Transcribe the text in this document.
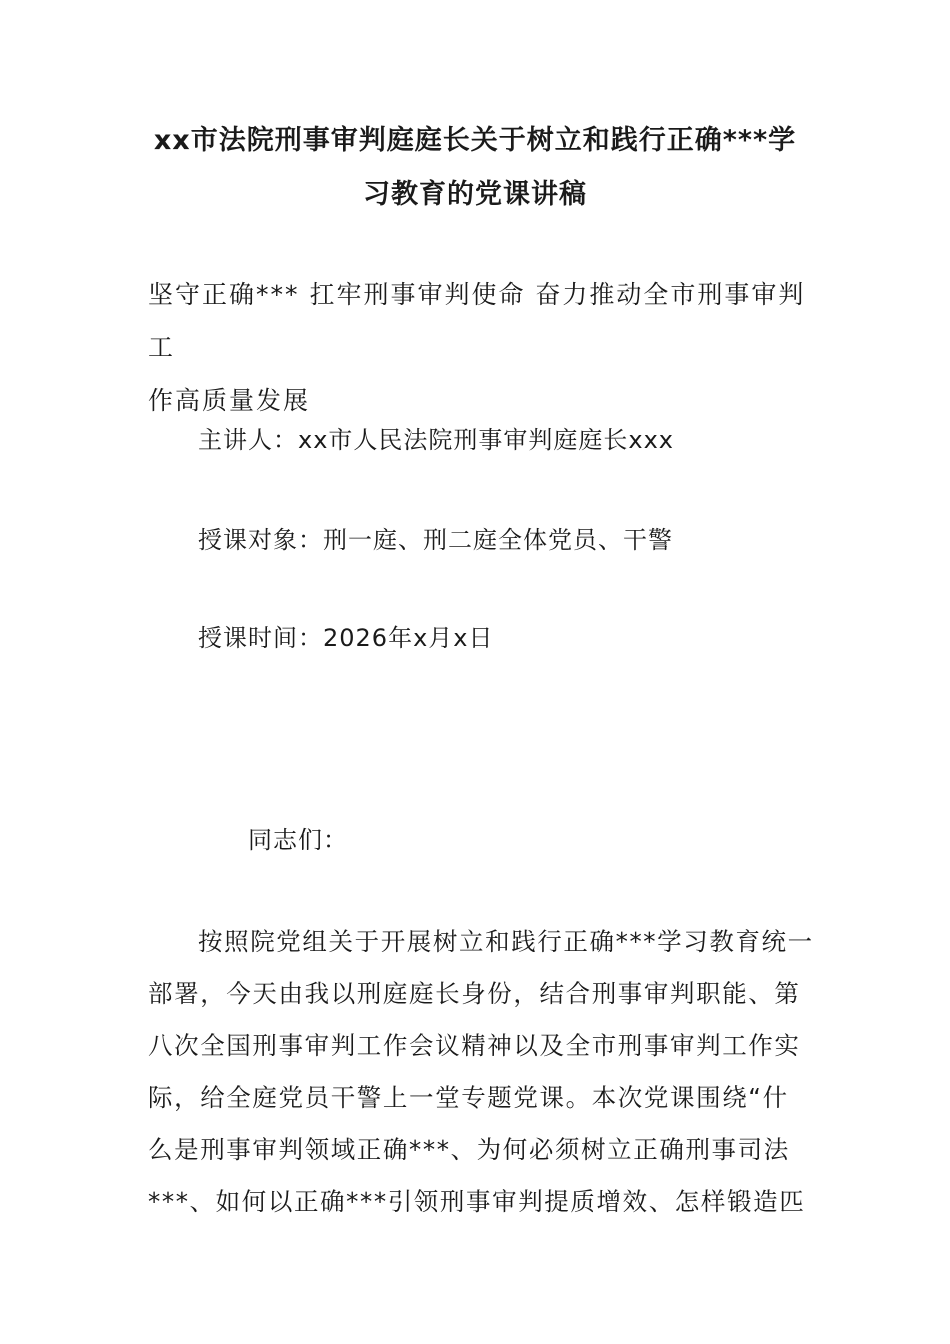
xx市法院刑事审判庭庭长关于树立和践行正确***学
习教育的党课讲稿

坚守正确*** 扛牢刑事审判使命 奋力推动全市刑事审判工
作高质量发展

主讲人：xx市人民法院刑事审判庭庭长xxx

授课对象：刑一庭、刑二庭全体党员、干警

授课时间：2026年x月x日

同志们：

按照院党组关于开展树立和践行正确***学习教育统一
部署，今天由我以刑庭庭长身份，结合刑事审判职能、第
八次全国刑事审判工作会议精神以及全市刑事审判工作实
际，给全庭党员干警上一堂专题党课。本次党课围绕“什
么是刑事审判领域正确***、为何必须树立正确刑事司法
***、如何以正确***引领刑事审判提质增效、怎样锻造匹
